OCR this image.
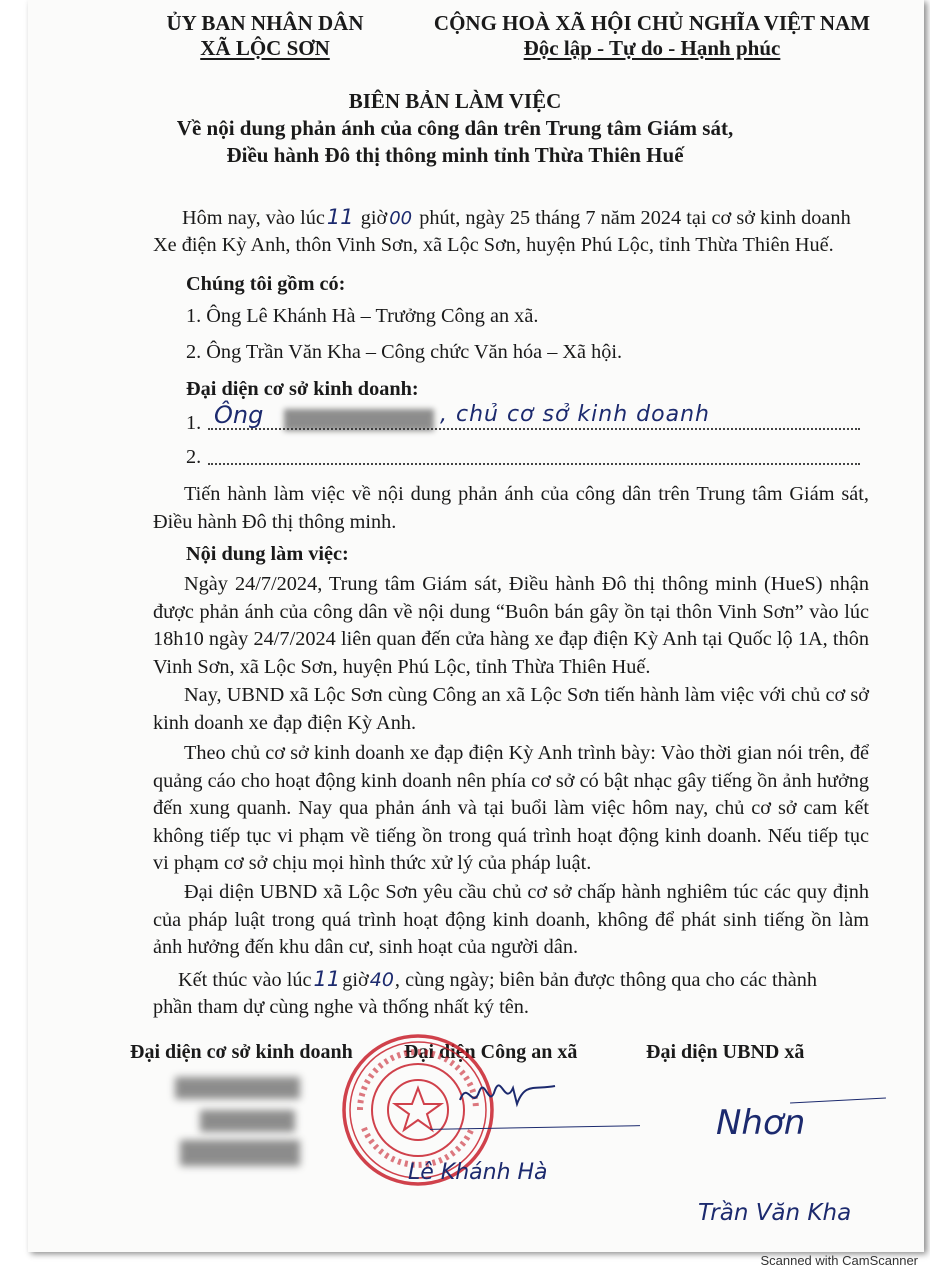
ỦY BAN NHÂN DÂN
XÃ LỘC SƠN
CỘNG HOÀ XÃ HỘI CHỦ NGHĨA VIỆT NAM
Độc lập - Tự do - Hạnh phúc
BIÊN BẢN LÀM VIỆC
Về nội dung phản ánh của công dân trên Trung tâm Giám sát,
Điều hành Đô thị thông minh tỉnh Thừa Thiên Huế
Hôm nay, vào lúc11 giờ 00 phút, ngày 25 tháng 7 năm 2024 tại cơ sở kinh doanh
Xe điện Kỳ Anh, thôn Vinh Sơn, xã Lộc Sơn, huyện Phú Lộc, tỉnh Thừa Thiên Huế.
Chúng tôi gồm có:
1. Ông Lê Khánh Hà – Trưởng Công an xã.
2. Ông Trần Văn Kha – Công chức Văn hóa – Xã hội.
Đại diện cơ sở kinh doanh:
1. Ông	, chủ cơ sở kinh doanh
2.
Tiến hành làm việc về nội dung phản ánh của công dân trên Trung tâm Giám sát, Điều hành Đô thị thông minh.
Nội dung làm việc:
Ngày 24/7/2024, Trung tâm Giám sát, Điều hành Đô thị thông minh (HueS) nhận được phản ánh của công dân về nội dung “Buôn bán gây ồn tại thôn Vinh Sơn” vào lúc 18h10 ngày 24/7/2024 liên quan đến cửa hàng xe đạp điện Kỳ Anh tại Quốc lộ 1A, thôn Vinh Sơn, xã Lộc Sơn, huyện Phú Lộc, tỉnh Thừa Thiên Huế.
Nay, UBND xã Lộc Sơn cùng Công an xã Lộc Sơn tiến hành làm việc với chủ cơ sở kinh doanh xe đạp điện Kỳ Anh.
Theo chủ cơ sở kinh doanh xe đạp điện Kỳ Anh trình bày: Vào thời gian nói trên, để quảng cáo cho hoạt động kinh doanh nên phía cơ sở có bật nhạc gây tiếng ồn ảnh hưởng đến xung quanh. Nay qua phản ánh và tại buổi làm việc hôm nay, chủ cơ sở cam kết không tiếp tục vi phạm về tiếng ồn trong quá trình hoạt động kinh doanh. Nếu tiếp tục vi phạm cơ sở chịu mọi hình thức xử lý của pháp luật.
Đại diện UBND xã Lộc Sơn yêu cầu chủ cơ sở chấp hành nghiêm túc các quy định của pháp luật trong quá trình hoạt động kinh doanh, không để phát sinh tiếng ồn làm ảnh hưởng đến khu dân cư, sinh hoạt của người dân.
Kết thúc vào lúc11giờ40, cùng ngày; biên bản được thông qua cho các thành
phần tham dự cùng nghe và thống nhất ký tên.
Đại diện cơ sở kinh doanh	Đại diện Công an xã	Đại diện UBND xã
Lê Khánh Hà
Nhơn
Trần Văn Kha
Scanned with CamScanner
